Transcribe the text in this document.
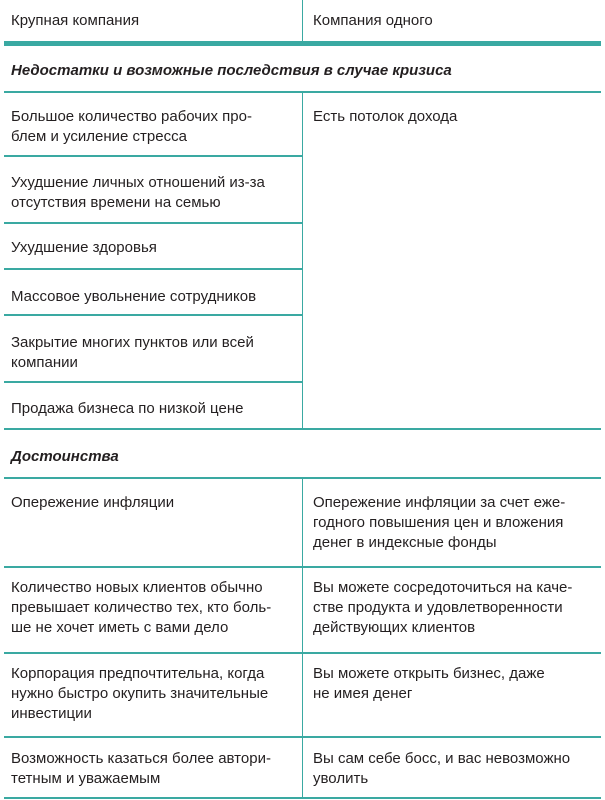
Крупная компания	Компания одного
Недостатки и возможные последствия в случае кризиса
Большое количество рабочих про-
блем и усиление стресса
Ухудшение личных отношений из-за
отсутствия времени на семью
Ухудшение здоровья
Массовое увольнение сотрудников
Закрытие многих пунктов или всей
компании
Продажа бизнеса по низкой цене
Есть потолок дохода
Достоинства
Опережение инфляции	Опережение инфляции за счет еже-
годного повышения цен и вложения
денег в индексные фонды
Количество новых клиентов обычно
превышает количество тех, кто боль-
ше не хочет иметь с вами дело
Вы можете сосредоточиться на каче-
стве продукта и удовлетворенности
действующих клиентов
Корпорация предпочтительна, когда
нужно быстро окупить значительные
инвестиции
Вы можете открыть бизнес, даже
не имея денег
Возможность казаться более автори-
тетным и уважаемым
Вы сам себе босс, и вас невозможно
уволить
